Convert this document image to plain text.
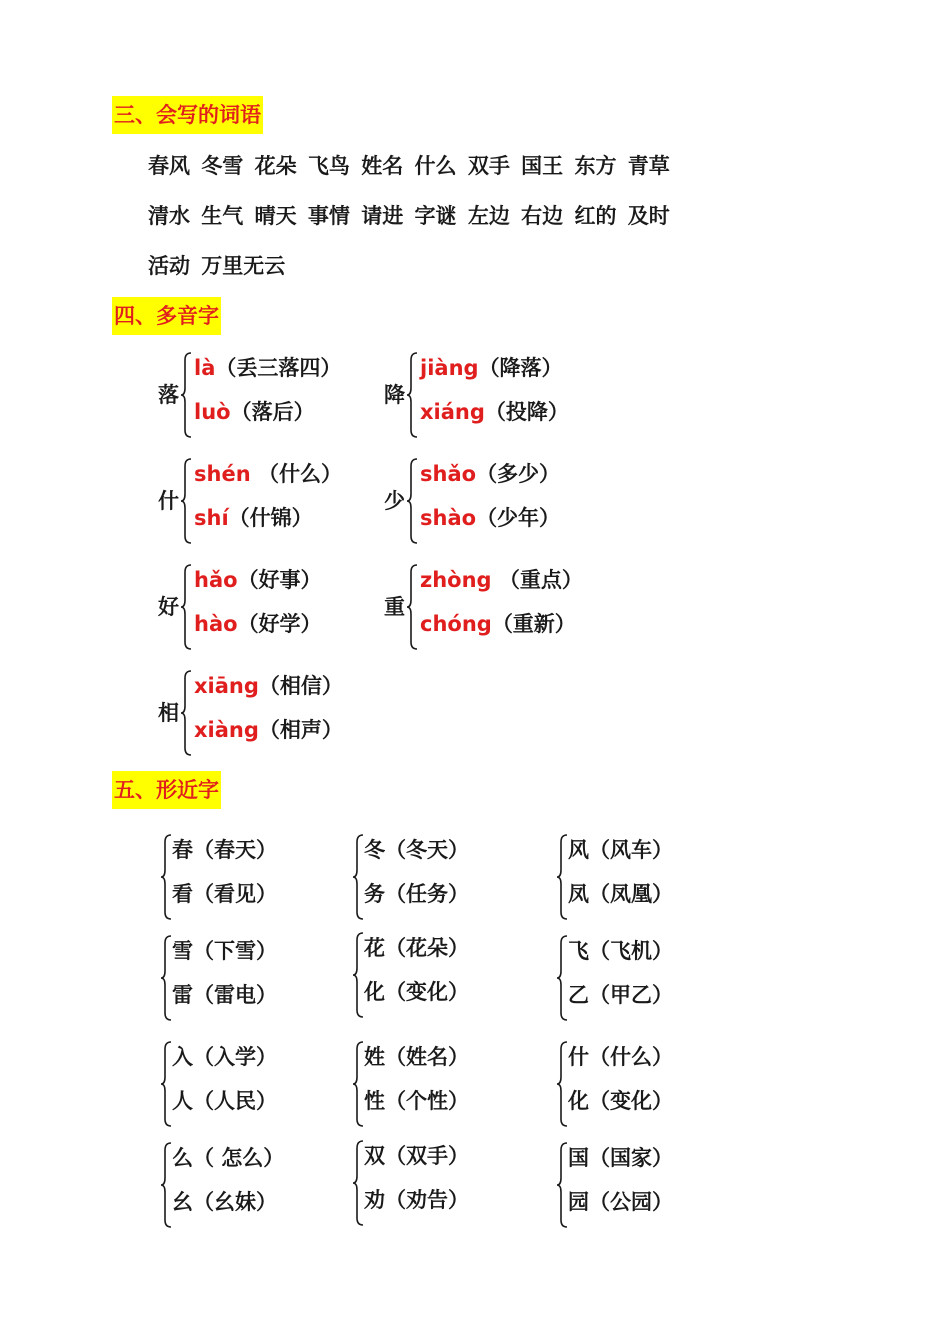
三、会写的词语
春风 冬雪 花朵 飞鸟 姓名 什么 双手 国王 东方 青草
清水 生气 晴天 事情 请进 字谜 左边 右边 红的 及时
活动 万里无云
四、多音字
落
là（丢三落四）
luò（落后）
降
jiàng（降落）
xiáng（投降）
什
shén （什么）
shí（什锦）
少
shǎo（多少）
shào（少年）
好
hǎo（好事）
hào（好学）
重
zhòng （重点）
chóng（重新）
相
xiāng（相信）
xiàng（相声）
五、形近字
春（春天）
看（看见）
冬（冬天）
务（任务）
风（风车）
凤（凤凰）
雪（下雪）
雷（雷电）
花（花朵）
化（变化）
飞（飞机）
乙（甲乙）
入（入学）
人（人民）
姓（姓名）
性（个性）
什（什么）
化（变化）
么（ 怎么）
幺（幺妹）
双（双手）
劝（劝告）
国（国家）
园（公园）
